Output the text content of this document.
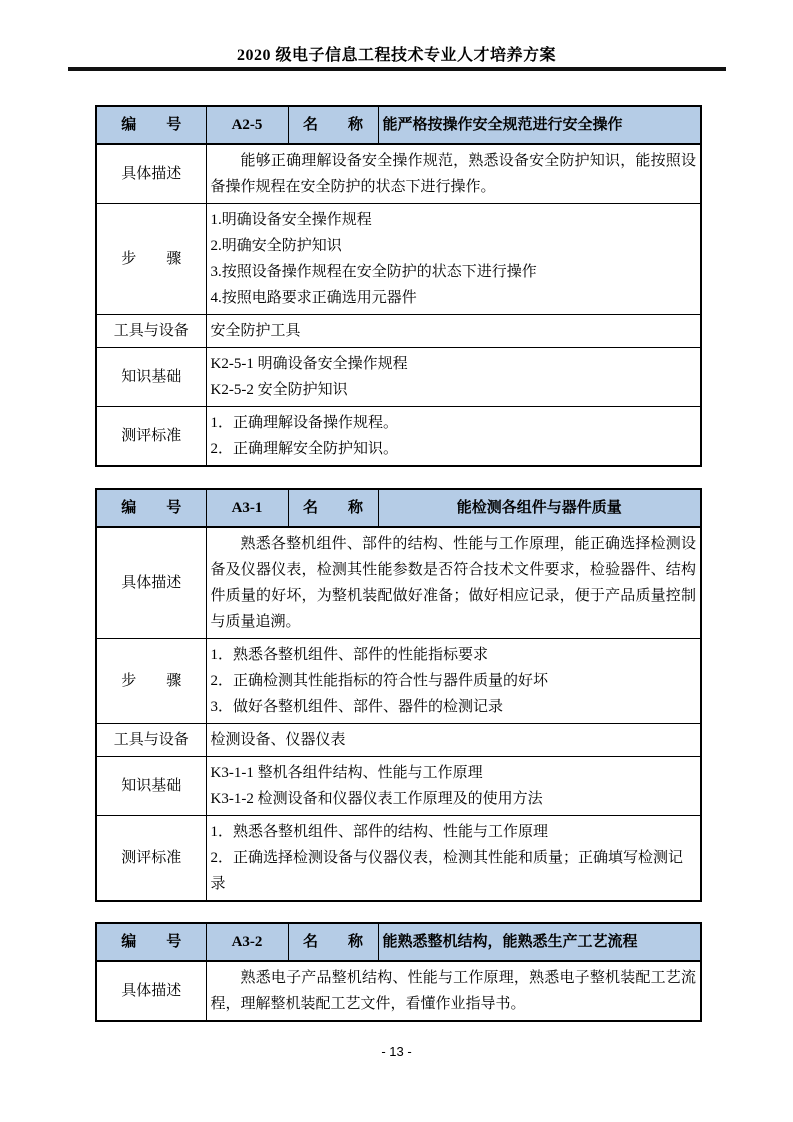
2020 级电子信息工程技术专业人才培养方案
编　　号	A2-5	名　　称	能严格按操作安全规范进行安全操作
具体描述	能够正确理解设备安全操作规范，熟悉设备安全防护知识，能按照设备操作规程在安全防护的状态下进行操作。		
步　　骤	1.明确设备安全操作规程
2.明确安全防护知识
3.按照设备操作规程在安全防护的状态下进行操作
4.按照电路要求正确选用元器件		

工具与设备	安全防护工具		
知识基础	K2-5-1 明确设备安全操作规程
K2-5-2 安全防护知识		

测评标准	1．正确理解设备操作规程。
2．正确理解安全防护知识。		
编　　号	A3-1	名　　称	能检测各组件与器件质量
具体描述	熟悉各整机组件、部件的结构、性能与工作原理，能正确选择检测设备及仪器仪表，检测其性能参数是否符合技术文件要求，检验器件、结构件质量的好坏，为整机装配做好准备；做好相应记录，便于产品质量控制与质量追溯。		
步　　骤	1．熟悉各整机组件、部件的性能指标要求
2．正确检测其性能指标的符合性与器件质量的好坏
3．做好各整机组件、部件、器件的检测记录		

工具与设备	检测设备、仪器仪表		
知识基础	K3-1-1 整机各组件结构、性能与工作原理
K3-1-2 检测设备和仪器仪表工作原理及的使用方法		

测评标准	1．熟悉各整机组件、部件的结构、性能与工作原理
2．正确选择检测设备与仪器仪表，检测其性能和质量；正确填写检测记录		
编　　号	A3-2	名　　称	能熟悉整机结构，能熟悉生产工艺流程
具体描述	熟悉电子产品整机结构、性能与工作原理，熟悉电子整机装配工艺流程，理解整机装配工艺文件，看懂作业指导书。		
- 13 -
